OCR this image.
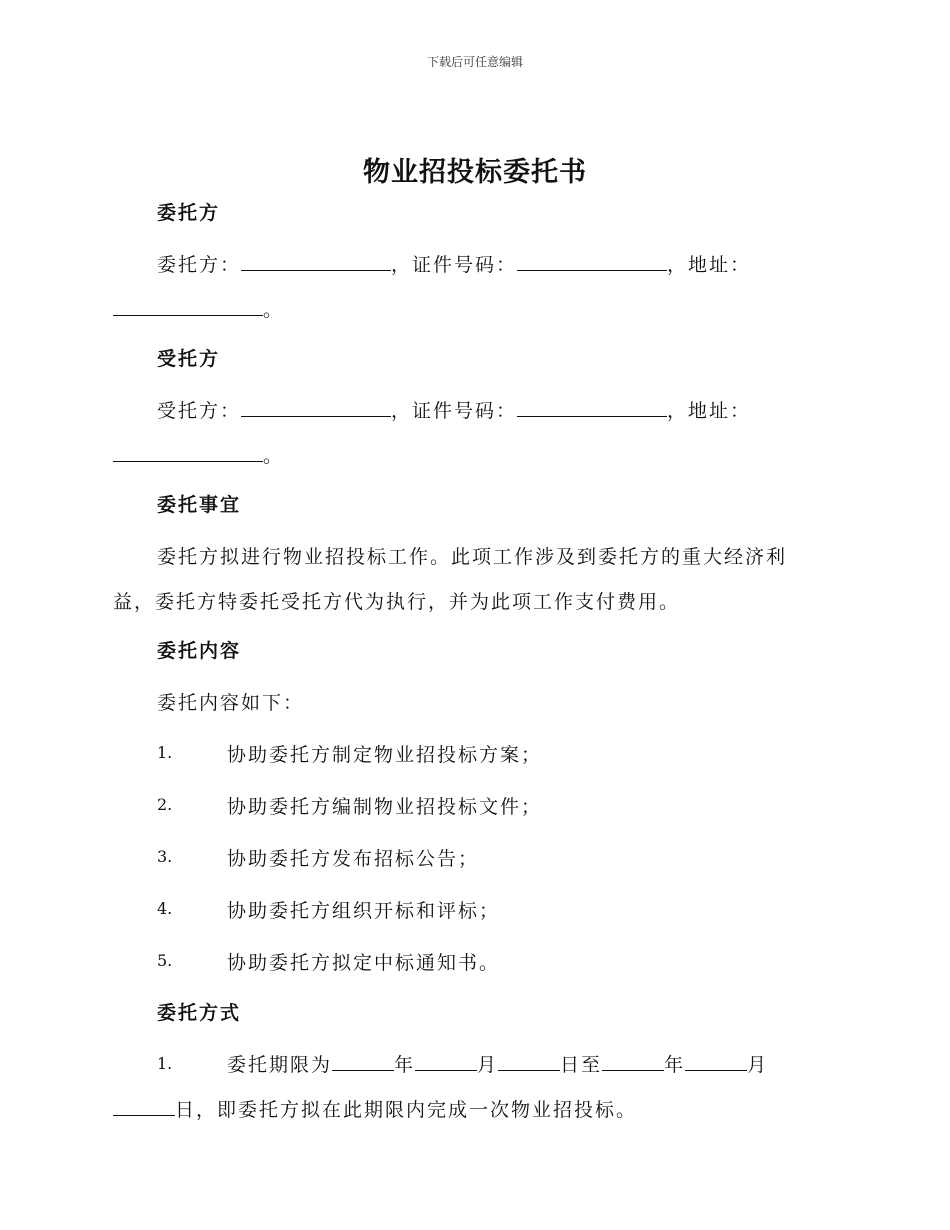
下载后可任意编辑
物业招投标委托书
委托方
委托方：	，证件号码：	，地址：
。
受托方
受托方：	，证件号码：	，地址：
。
委托事宜
委托方拟进行物业招投标工作。此项工作涉及到委托方的重大经济利
益，委托方特委托受托方代为执行，并为此项工作支付费用。
委托内容
委托内容如下：
1.	协助委托方制定物业招投标方案；
2.	协助委托方编制物业招投标文件；
3.	协助委托方发布招标公告；
4.	协助委托方组织开标和评标；
5.	协助委托方拟定中标通知书。
委托方式
1.	委托期限为	年	月	日至	年	月
日，即委托方拟在此期限内完成一次物业招投标。
